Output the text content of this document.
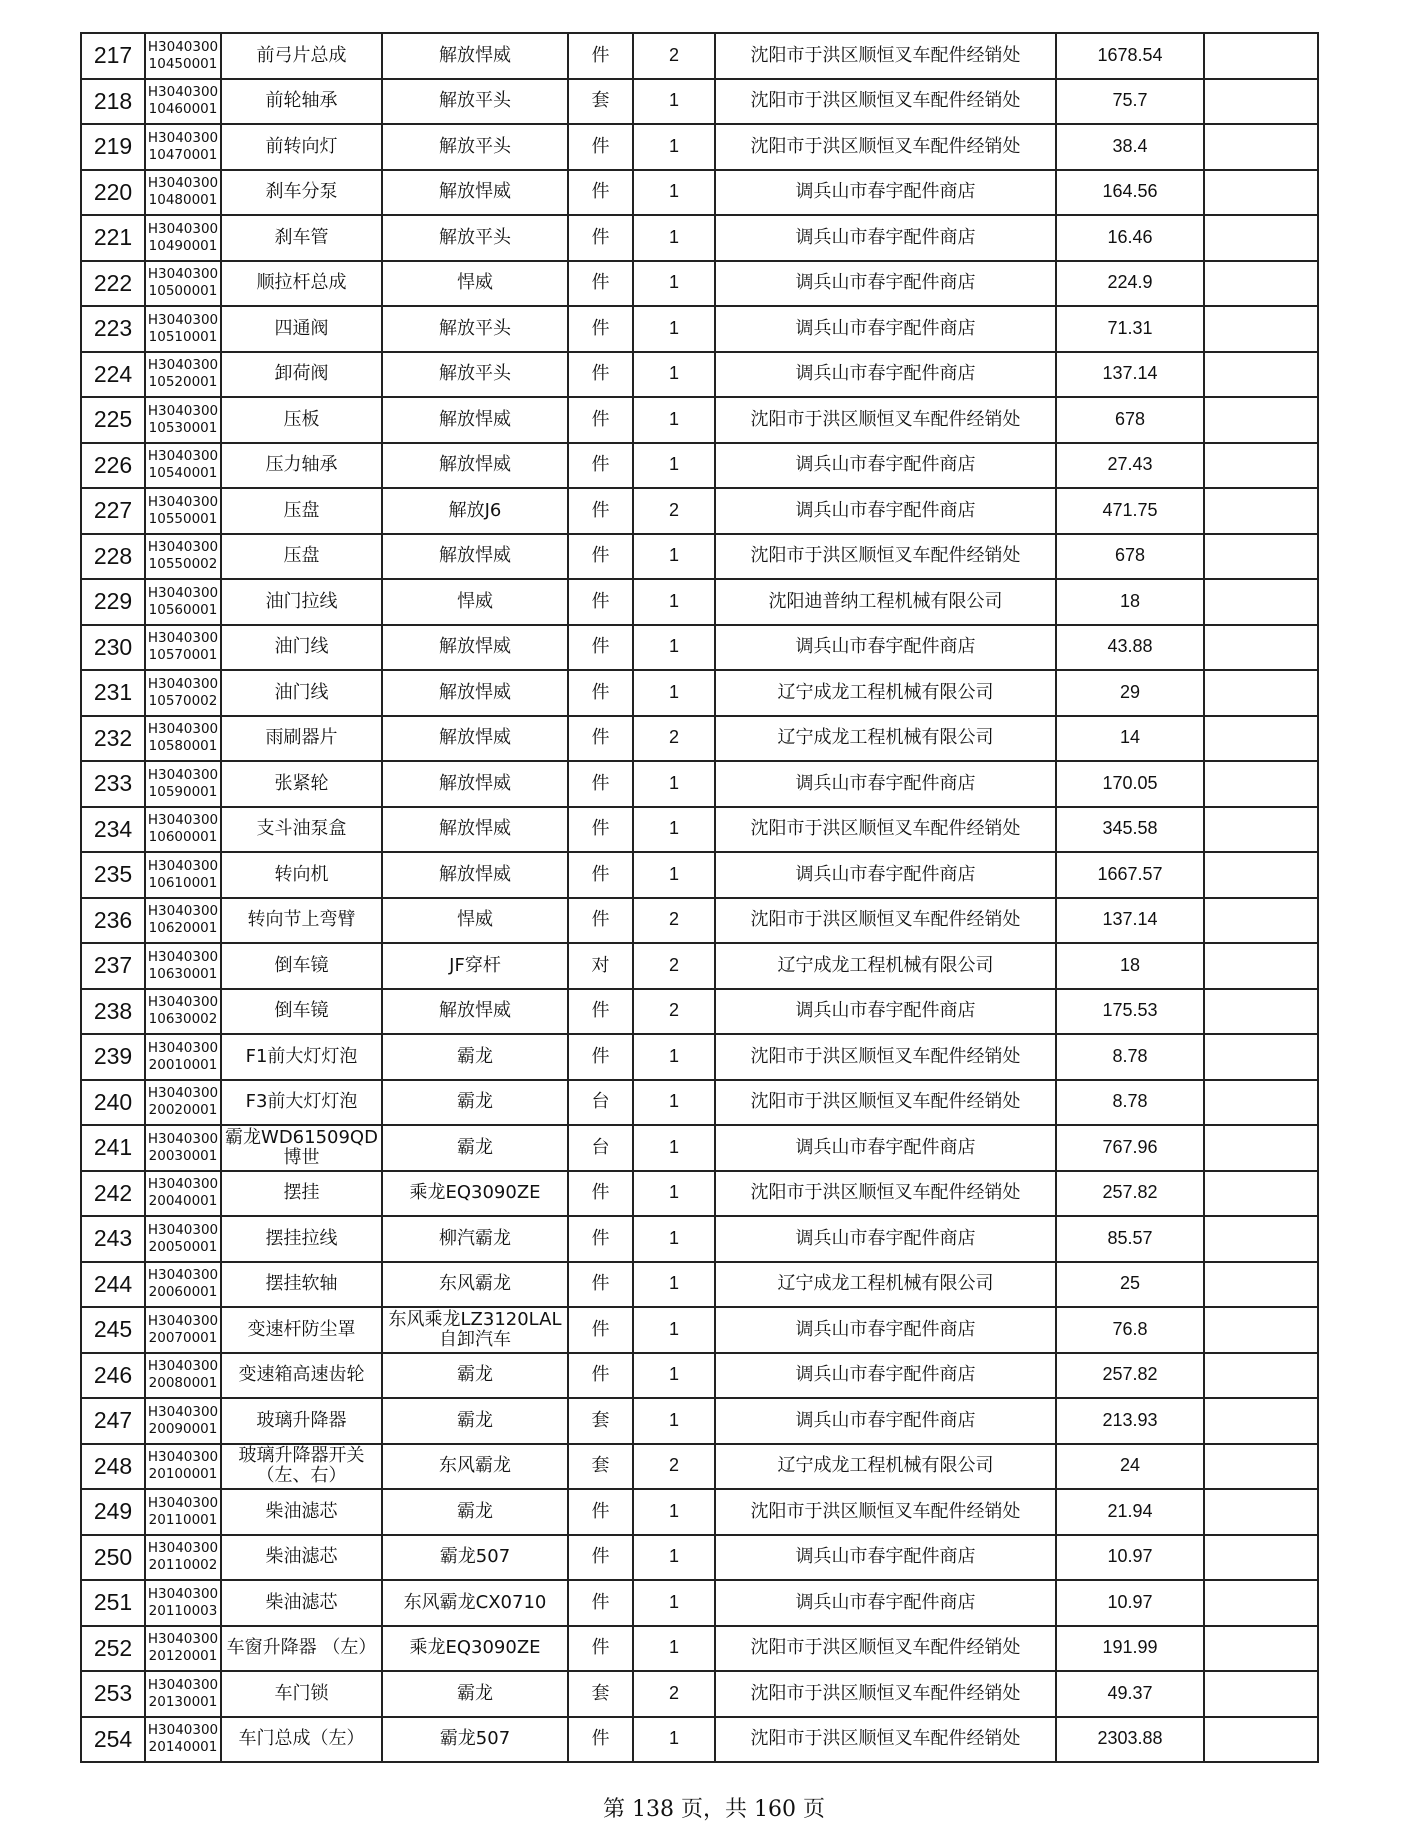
217	H3040300 10450001	前弓片总成	解放悍威	件	2	沈阳市于洪区顺恒叉车配件经销处	1678.54	
218	H3040300 10460001	前轮轴承	解放平头	套	1	沈阳市于洪区顺恒叉车配件经销处	75.7	
219	H3040300 10470001	前转向灯	解放平头	件	1	沈阳市于洪区顺恒叉车配件经销处	38.4	
220	H3040300 10480001	刹车分泵	解放悍威	件	1	调兵山市春宇配件商店	164.56	
221	H3040300 10490001	刹车管	解放平头	件	1	调兵山市春宇配件商店	16.46	
222	H3040300 10500001	顺拉杆总成	悍威	件	1	调兵山市春宇配件商店	224.9	
223	H3040300 10510001	四通阀	解放平头	件	1	调兵山市春宇配件商店	71.31	
224	H3040300 10520001	卸荷阀	解放平头	件	1	调兵山市春宇配件商店	137.14	
225	H3040300 10530001	压板	解放悍威	件	1	沈阳市于洪区顺恒叉车配件经销处	678	
226	H3040300 10540001	压力轴承	解放悍威	件	1	调兵山市春宇配件商店	27.43	
227	H3040300 10550001	压盘	解放J6	件	2	调兵山市春宇配件商店	471.75	
228	H3040300 10550002	压盘	解放悍威	件	1	沈阳市于洪区顺恒叉车配件经销处	678	
229	H3040300 10560001	油门拉线	悍威	件	1	沈阳迪普纳工程机械有限公司	18	
230	H3040300 10570001	油门线	解放悍威	件	1	调兵山市春宇配件商店	43.88	
231	H3040300 10570002	油门线	解放悍威	件	1	辽宁成龙工程机械有限公司	29	
232	H3040300 10580001	雨刷器片	解放悍威	件	2	辽宁成龙工程机械有限公司	14	
233	H3040300 10590001	张紧轮	解放悍威	件	1	调兵山市春宇配件商店	170.05	
234	H3040300 10600001	支斗油泵盒	解放悍威	件	1	沈阳市于洪区顺恒叉车配件经销处	345.58	
235	H3040300 10610001	转向机	解放悍威	件	1	调兵山市春宇配件商店	1667.57	
236	H3040300 10620001	转向节上弯臂	悍威	件	2	沈阳市于洪区顺恒叉车配件经销处	137.14	
237	H3040300 10630001	倒车镜	JF穿杆	对	2	辽宁成龙工程机械有限公司	18	
238	H3040300 10630002	倒车镜	解放悍威	件	2	调兵山市春宇配件商店	175.53	
239	H3040300 20010001	F1前大灯灯泡	霸龙	件	1	沈阳市于洪区顺恒叉车配件经销处	8.78	
240	H3040300 20020001	F3前大灯灯泡	霸龙	台	1	沈阳市于洪区顺恒叉车配件经销处	8.78	
241	H3040300 20030001	霸龙WD61509QD 博世	霸龙	台	1	调兵山市春宇配件商店	767.96	
242	H3040300 20040001	摆挂	乘龙EQ3090ZE	件	1	沈阳市于洪区顺恒叉车配件经销处	257.82	
243	H3040300 20050001	摆挂拉线	柳汽霸龙	件	1	调兵山市春宇配件商店	85.57	
244	H3040300 20060001	摆挂软轴	东风霸龙	件	1	辽宁成龙工程机械有限公司	25	
245	H3040300 20070001	变速杆防尘罩	东风乘龙LZ3120LAL 自卸汽车	件	1	调兵山市春宇配件商店	76.8	
246	H3040300 20080001	变速箱高速齿轮	霸龙	件	1	调兵山市春宇配件商店	257.82	
247	H3040300 20090001	玻璃升降器	霸龙	套	1	调兵山市春宇配件商店	213.93	
248	H3040300 20100001	玻璃升降器开关 （左、右）	东风霸龙	套	2	辽宁成龙工程机械有限公司	24	
249	H3040300 20110001	柴油滤芯	霸龙	件	1	沈阳市于洪区顺恒叉车配件经销处	21.94	
250	H3040300 20110002	柴油滤芯	霸龙507	件	1	调兵山市春宇配件商店	10.97	
251	H3040300 20110003	柴油滤芯	东风霸龙CX0710	件	1	调兵山市春宇配件商店	10.97	
252	H3040300 20120001	车窗升降器 （左）	乘龙EQ3090ZE	件	1	沈阳市于洪区顺恒叉车配件经销处	191.99	
253	H3040300 20130001	车门锁	霸龙	套	2	沈阳市于洪区顺恒叉车配件经销处	49.37	
254	H3040300 20140001	车门总成（左）	霸龙507	件	1	沈阳市于洪区顺恒叉车配件经销处	2303.88	
第 138 页，共 160 页
